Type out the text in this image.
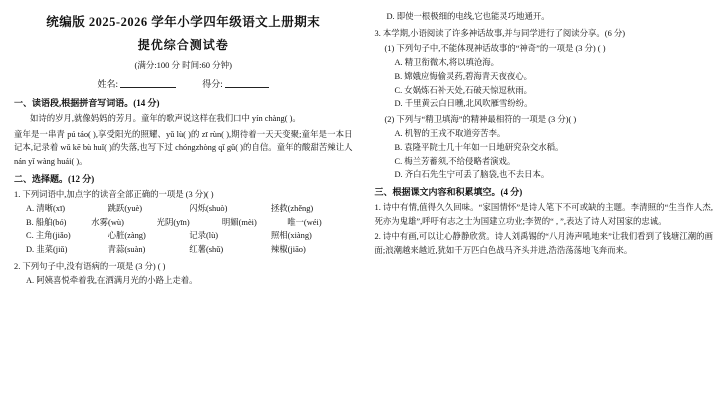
统编版 2025-2026 学年小学四年级语文上册期末
提优综合测试卷
(满分:100 分 时间:60 分钟)
姓名:	得分:
一、读语段,根据拼音写词语。(14 分)
如诗的岁月,就像妈妈的芳月。童年的歌声说这样在我们口中 yín chàng( )。
童年是一串青 pú táo( ),享受阳光的照耀、yǔ lù( )的 zī rùn( ),期待着一天天变聚;童年是一本日记本,记录着 wǔ kē bù huǐ( )的失落,也写下过 chóngzhòng qǐ gǔ( )的自信。童年的酸甜苦辣让人 nán yǐ wàng huái( )。
二、选择题。(12 分)
1. 下列词语中,加点字的读音全部正确的一项是 (3 分)( )
A. 清晰(xī)	跳跃(yuè)	闪烁(shuò)	拯救(zhěng)
B. 船舶(bó)	水雾(wù)	光阴(yīn)	明媚(mèi)	唯一(wéi)
C. 主角(jiǎo)	心脏(zàng)	记录(lù)	照相(xiàng)
D. 韭菜(jiǔ)	青蒜(suàn)	红薯(shǔ)	辣椒(jiāo)
2. 下列句子中,没有语病的一项是 (3 分) ( )
A. 阿姨喜悦牵着我,在洒满月光的小路上走着。
D. 即使一根极细的电线,它也能灵巧地通开。
3. 本学期,小语阅读了许多神话故事,并与同学进行了阅读分享。(6 分)
(1) 下列句子中,不能体现神话故事的“神奇”的一项是 (3 分) ( )
A. 精卫衔微木,将以填沧海。
B. 嫦娥应悔偷灵药,碧海青天夜夜心。
C. 女娲炼石补天处,石破天惊逗秋雨。
D. 千里黄云白日曛,北风吹雁雪纷纷。
(2) 下列与“精卫填海”的精神最相符的一项是 (3 分)( )
A. 机智的王戎不取道旁苦李。
B. 袁隆平院士几十年如一日地研究杂交水稻。
C. 梅兰芳蓄须,不给侵略者演戏。
D. 齐白石先生宁可丢了脑袋,也不去日本。
三、根据课文内容和积累填空。(4 分)
1. 诗中有情,值得久久回味。“家国情怀”是诗人笔下不可或缺的主题。李清照的“生当作人杰,死亦为鬼雄”,呼吁有志之士为国建立功业;李贺的“ , ”,表达了诗人对国家的忠诚。
2. 诗中有画,可以让心静静欣赏。诗人刘禹锡的“八月涛声吼地来”让我们看到了钱塘江潮的画面;浪潮越来越近,犹如千万匹白色战马齐头并进,浩浩荡荡地飞奔而来。
